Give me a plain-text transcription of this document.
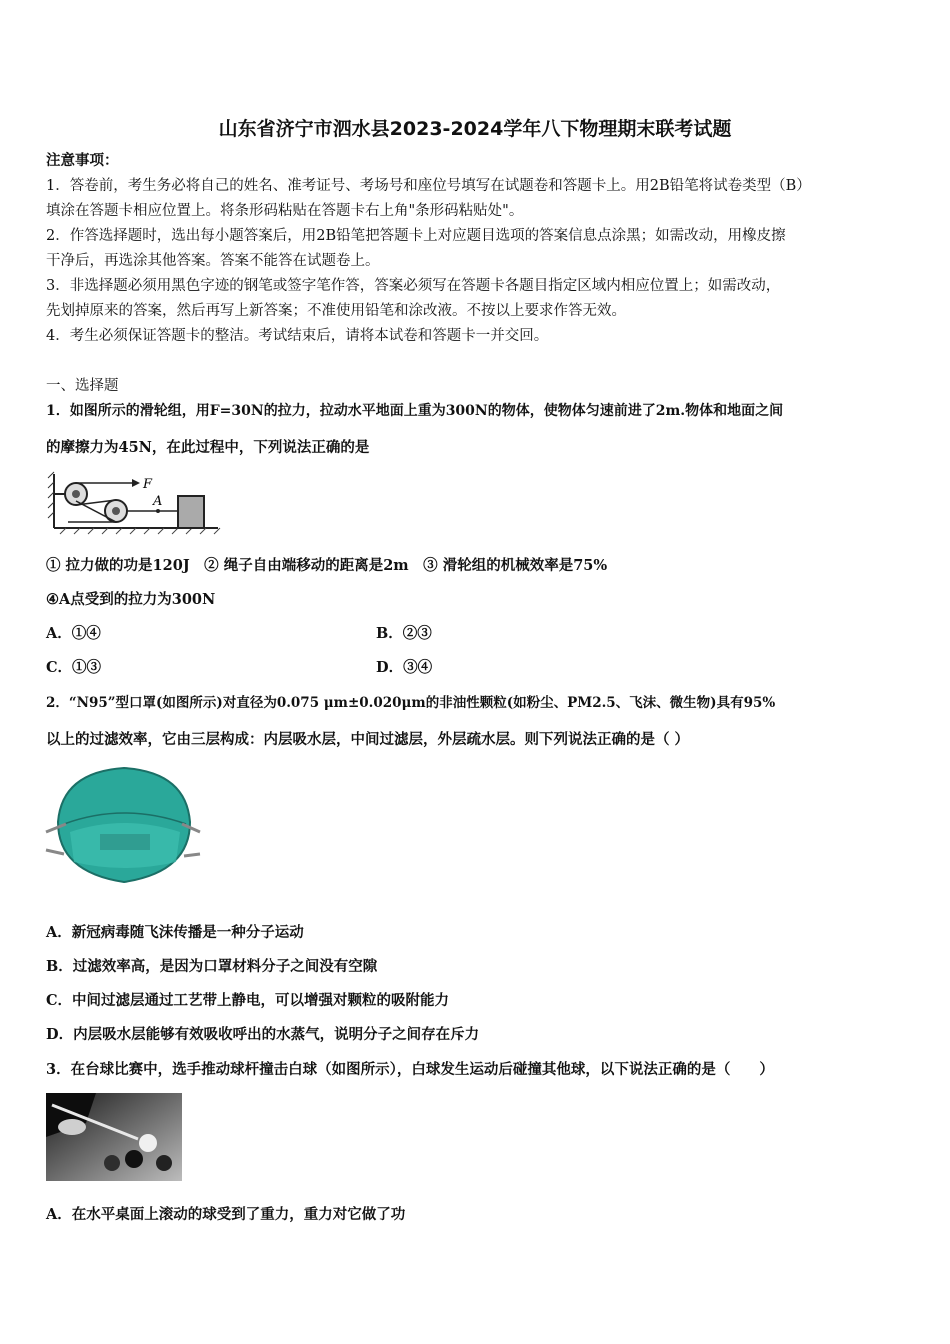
山东省济宁市泗水县2023-2024学年八下物理期末联考试题
注意事项：
1．答卷前，考生务必将自己的姓名、准考证号、考场号和座位号填写在试题卷和答题卡上。用2B铅笔将试卷类型（B）
填涂在答题卡相应位置上。将条形码粘贴在答题卡右上角"条形码粘贴处"。
2．作答选择题时，选出每小题答案后，用2B铅笔把答题卡上对应题目选项的答案信息点涂黑；如需改动，用橡皮擦
干净后，再选涂其他答案。答案不能答在试题卷上。
3．非选择题必须用黑色字迹的钢笔或签字笔作答，答案必须写在答题卡各题目指定区域内相应位置上；如需改动，
先划掉原来的答案，然后再写上新答案；不准使用铅笔和涂改液。不按以上要求作答无效。
4．考生必须保证答题卡的整洁。考试结束后，请将本试卷和答题卡一并交回。
一、选择题
1．如图所示的滑轮组，用F=30N的拉力，拉动水平地面上重为300N的物体，使物体匀速前进了2m.物体和地面之间
的摩擦力为45N，在此过程中，下列说法正确的是
F
A
① 拉力做的功是120J　② 绳子自由端移动的距离是2m　③ 滑轮组的机械效率是75%
④A点受到的拉力为300N
A．①④	B．②③
C．①③	D．③④
2．“N95”型口罩(如图所示)对直径为0.075 μm±0.020μm的非油性颗粒(如粉尘、PM2.5、飞沫、微生物)具有95%
以上的过滤效率，它由三层构成：内层吸水层，中间过滤层，外层疏水层。则下列说法正确的是（ ）
A．新冠病毒随飞沫传播是一种分子运动
B．过滤效率高，是因为口罩材料分子之间没有空隙
C．中间过滤层通过工艺带上静电，可以增强对颗粒的吸附能力
D．内层吸水层能够有效吸收呼出的水蒸气，说明分子之间存在斥力
3．在台球比赛中，选手推动球杆撞击白球（如图所示），白球发生运动后碰撞其他球，以下说法正确的是（　　）
A．在水平桌面上滚动的球受到了重力，重力对它做了功
